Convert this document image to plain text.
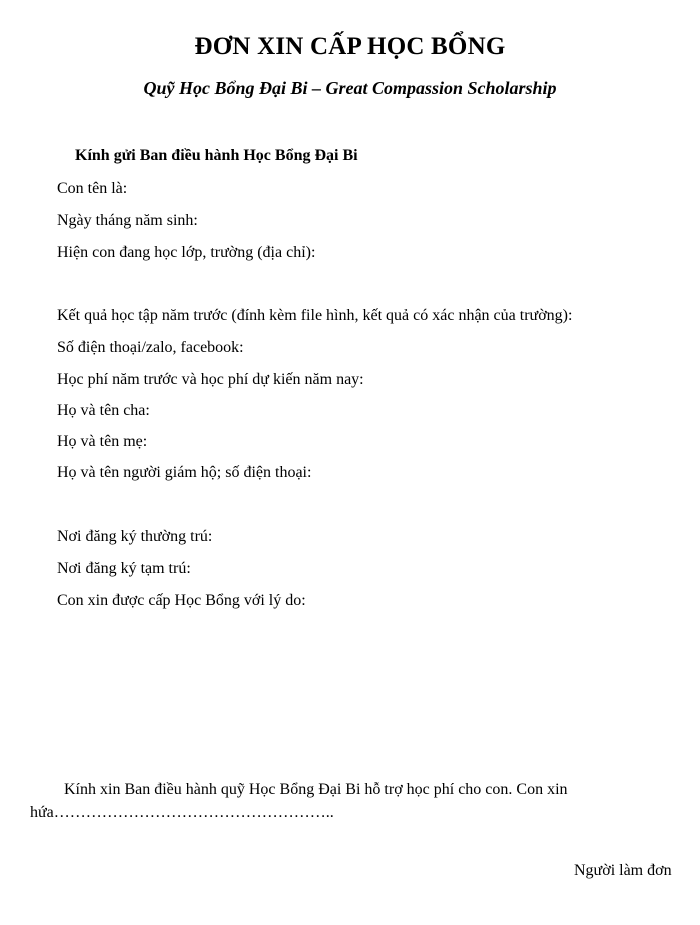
ĐƠN XIN CẤP HỌC BỔNG
Quỹ Học Bổng Đại Bi – Great Compassion Scholarship
Kính gửi Ban điều hành Học Bổng Đại Bi
Con tên là:
Ngày tháng năm sinh:
Hiện con đang học lớp, trường (địa chỉ):
Kết quả học tập năm trước (đính kèm file hình, kết quả có xác nhận của trường):
Số điện thoại/zalo, facebook:
Học phí năm trước và học phí dự kiến năm nay:
Họ và tên cha:
Họ và tên mẹ:
Họ và tên người giám hộ; số điện thoại:
Nơi đăng ký thường trú:
Nơi đăng ký tạm trú:
Con xin được cấp Học Bổng với lý do:
Kính xin Ban điều hành quỹ Học Bổng Đại Bi hỗ trợ học phí cho con. Con xin
hứa……………………………………………..
Người làm đơn
